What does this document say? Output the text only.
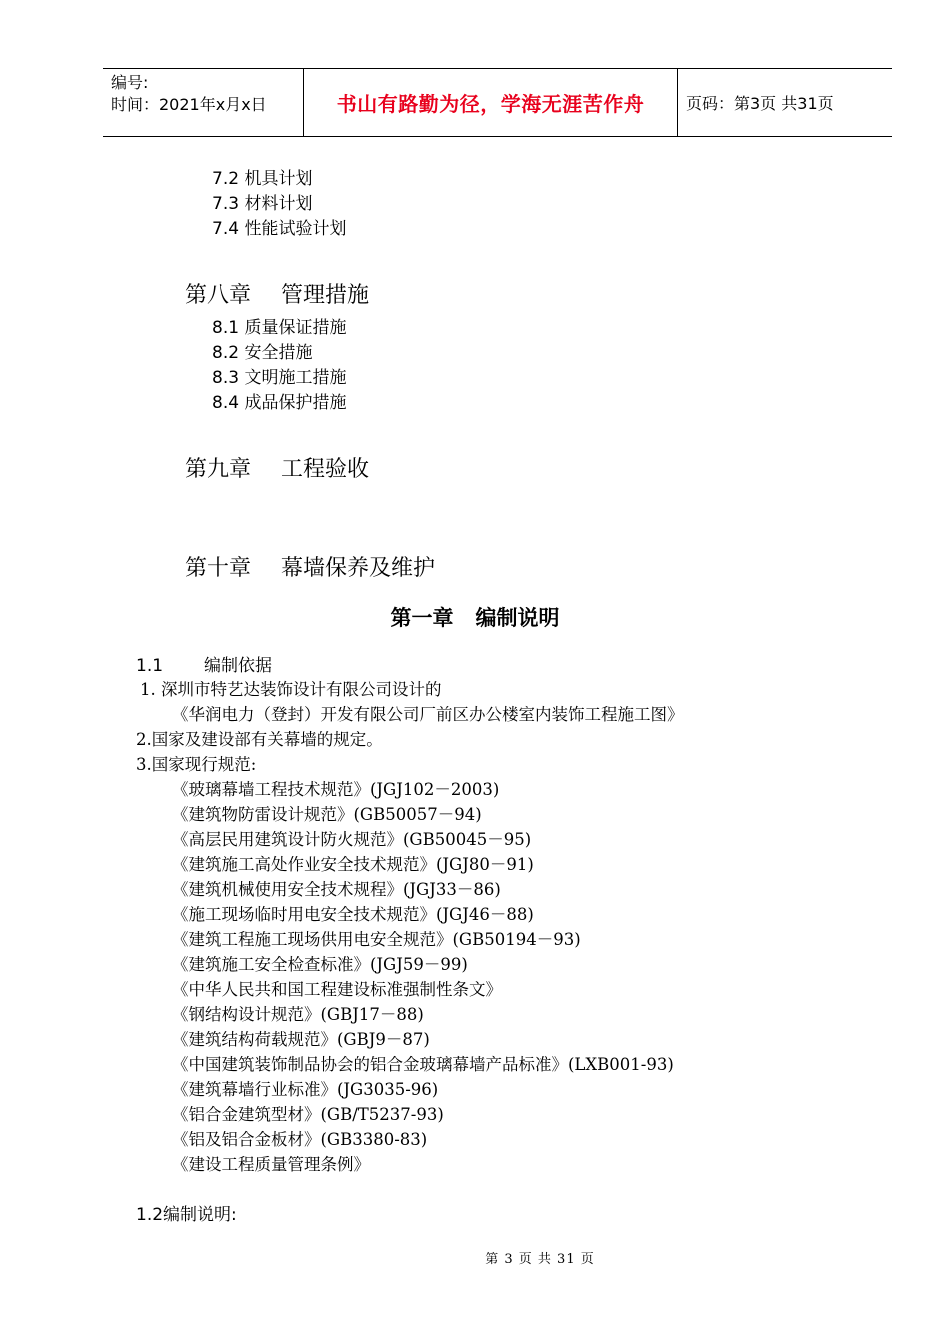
编号:
时间：2021年x月x日	书山有路勤为径，学海无涯苦作舟	页码：第3页 共31页
7.2 机具计划
7.3 材料计划
7.4 性能试验计划
第八章 管理措施
8.1 质量保证措施
8.2 安全措施
8.3 文明施工措施
8.4 成品保护措施
第九章 工程验收
第十章 幕墙保养及维护
第一章 编制说明
1.1 编制依据
1. 深圳市特艺达装饰设计有限公司设计的
《华润电力（登封）开发有限公司厂前区办公楼室内装饰工程施工图》
2.国家及建设部有关幕墙的规定。
3.国家现行规范:
《玻璃幕墙工程技术规范》(JGJ102－2003)
《建筑物防雷设计规范》(GB50057－94)
《高层民用建筑设计防火规范》(GB50045－95)
《建筑施工高处作业安全技术规范》(JGJ80－91)
《建筑机械使用安全技术规程》(JGJ33－86)
《施工现场临时用电安全技术规范》(JGJ46－88)
《建筑工程施工现场供用电安全规范》(GB50194－93)
《建筑施工安全检查标准》(JGJ59－99)
《中华人民共和国工程建设标准强制性条文》
《钢结构设计规范》(GBJ17－88)
《建筑结构荷载规范》(GBJ9－87)
《中国建筑装饰制品协会的铝合金玻璃幕墙产品标准》(LXB001-93)
《建筑幕墙行业标准》(JG3035-96)
《铝合金建筑型材》(GB/T5237-93)
《铝及铝合金板材》(GB3380-83)
《建设工程质量管理条例》
1.2编制说明:
第 3 页 共 31 页
